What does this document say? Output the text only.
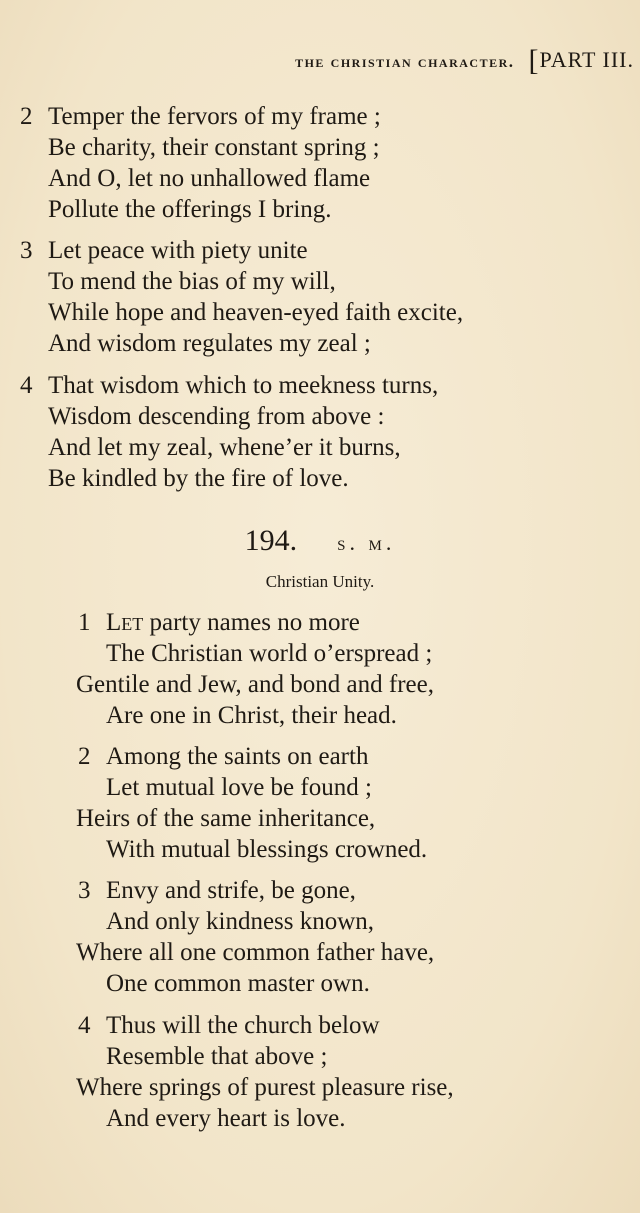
the christian character. [PART III.
2 Temper the fervors of my frame ;
Be charity, their constant spring ;
And O, let no unhallowed flame
Pollute the offerings I bring.
3 Let peace with piety unite
To mend the bias of my will,
While hope and heaven-eyed faith excite,
And wisdom regulates my zeal ;
4 That wisdom which to meekness turns,
Wisdom descending from above :
And let my zeal, whene’er it burns,
Be kindled by the fire of love.
194. s. m.
Christian Unity.
1 Let party names no more
The Christian world o’erspread ;
Gentile and Jew, and bond and free,
Are one in Christ, their head.
2 Among the saints on earth
Let mutual love be found ;
Heirs of the same inheritance,
With mutual blessings crowned.
3 Envy and strife, be gone,
And only kindness known,
Where all one common father have,
One common master own.
4 Thus will the church below
Resemble that above ;
Where springs of purest pleasure rise,
And every heart is love.
